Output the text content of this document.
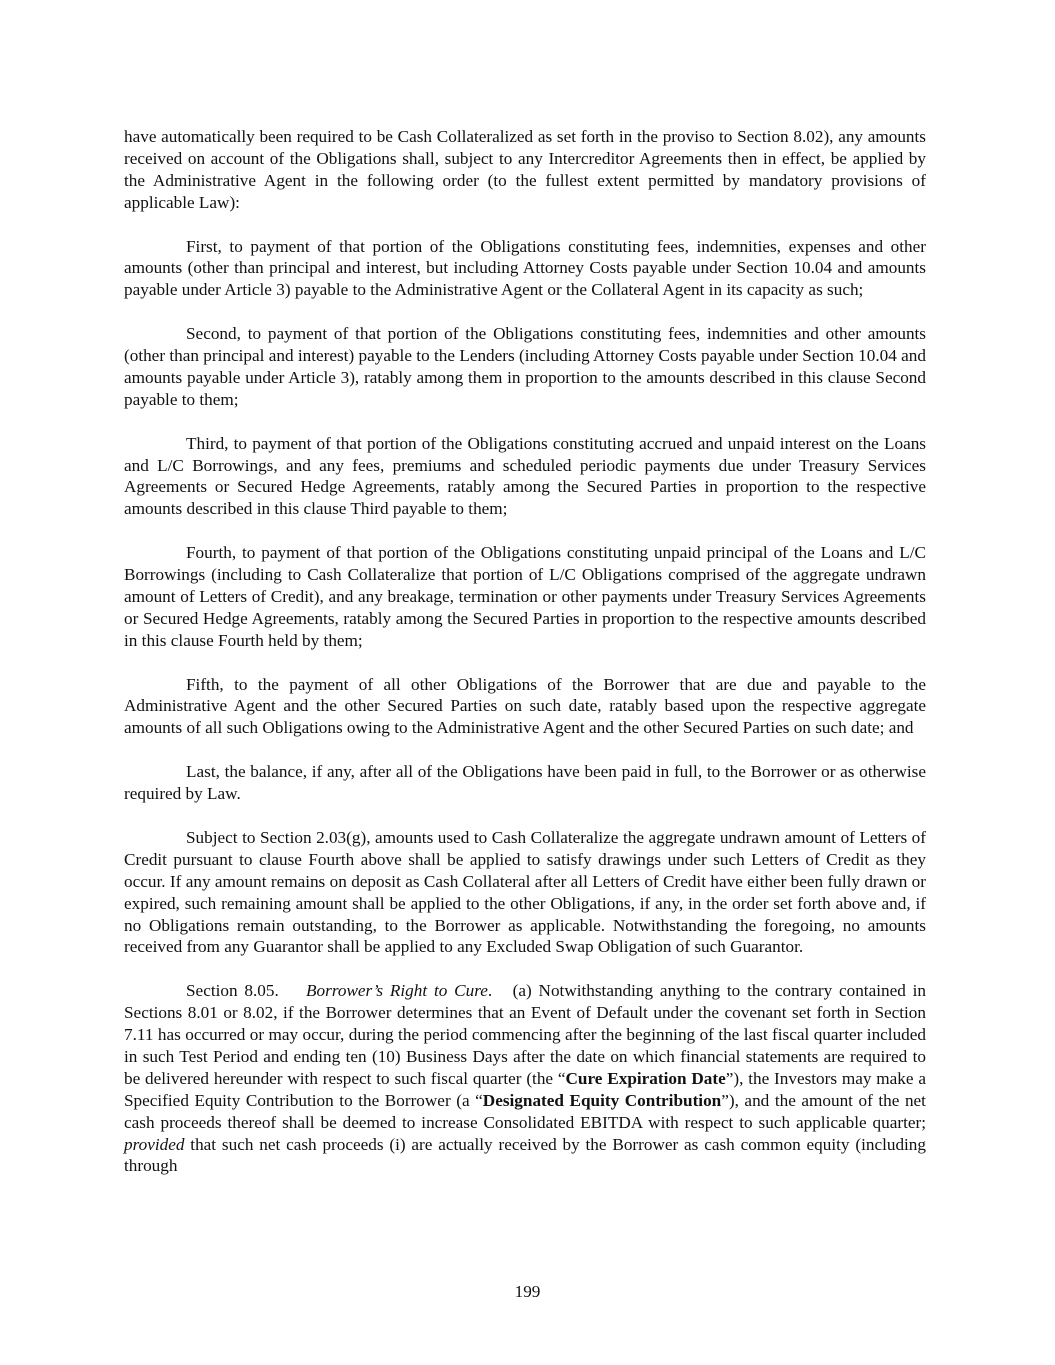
have automatically been required to be Cash Collateralized as set forth in the proviso to Section 8.02), any amounts received on account of the Obligations shall, subject to any Intercreditor Agreements then in effect, be applied by the Administrative Agent in the following order (to the fullest extent permitted by mandatory provisions of applicable Law):

First, to payment of that portion of the Obligations constituting fees, indemnities, expenses and other amounts (other than principal and interest, but including Attorney Costs payable under Section 10.04 and amounts payable under Article 3) payable to the Administrative Agent or the Collateral Agent in its capacity as such;

Second, to payment of that portion of the Obligations constituting fees, indemnities and other amounts (other than principal and interest) payable to the Lenders (including Attorney Costs payable under Section 10.04 and amounts payable under Article 3), ratably among them in proportion to the amounts described in this clause Second payable to them;

Third, to payment of that portion of the Obligations constituting accrued and unpaid interest on the Loans and L/C Borrowings, and any fees, premiums and scheduled periodic payments due under Treasury Services Agreements or Secured Hedge Agreements, ratably among the Secured Parties in proportion to the respective amounts described in this clause Third payable to them;

Fourth, to payment of that portion of the Obligations constituting unpaid principal of the Loans and L/C Borrowings (including to Cash Collateralize that portion of L/C Obligations comprised of the aggregate undrawn amount of Letters of Credit), and any breakage, termination or other payments under Treasury Services Agreements or Secured Hedge Agreements, ratably among the Secured Parties in proportion to the respective amounts described in this clause Fourth held by them;

Fifth, to the payment of all other Obligations of the Borrower that are due and payable to the Administrative Agent and the other Secured Parties on such date, ratably based upon the respective aggregate amounts of all such Obligations owing to the Administrative Agent and the other Secured Parties on such date; and

Last, the balance, if any, after all of the Obligations have been paid in full, to the Borrower or as otherwise required by Law.

Subject to Section 2.03(g), amounts used to Cash Collateralize the aggregate undrawn amount of Letters of Credit pursuant to clause Fourth above shall be applied to satisfy drawings under such Letters of Credit as they occur. If any amount remains on deposit as Cash Collateral after all Letters of Credit have either been fully drawn or expired, such remaining amount shall be applied to the other Obligations, if any, in the order set forth above and, if no Obligations remain outstanding, to the Borrower as applicable. Notwithstanding the foregoing, no amounts received from any Guarantor shall be applied to any Excluded Swap Obligation of such Guarantor.

Section 8.05. Borrower’s Right to Cure. (a) Notwithstanding anything to the contrary contained in Sections 8.01 or 8.02, if the Borrower determines that an Event of Default under the covenant set forth in Section 7.11 has occurred or may occur, during the period commencing after the beginning of the last fiscal quarter included in such Test Period and ending ten (10) Business Days after the date on which financial statements are required to be delivered hereunder with respect to such fiscal quarter (the “Cure Expiration Date”), the Investors may make a Specified Equity Contribution to the Borrower (a “Designated Equity Contribution”), and the amount of the net cash proceeds thereof shall be deemed to increase Consolidated EBITDA with respect to such applicable quarter; provided that such net cash proceeds (i) are actually received by the Borrower as cash common equity (including through

199
